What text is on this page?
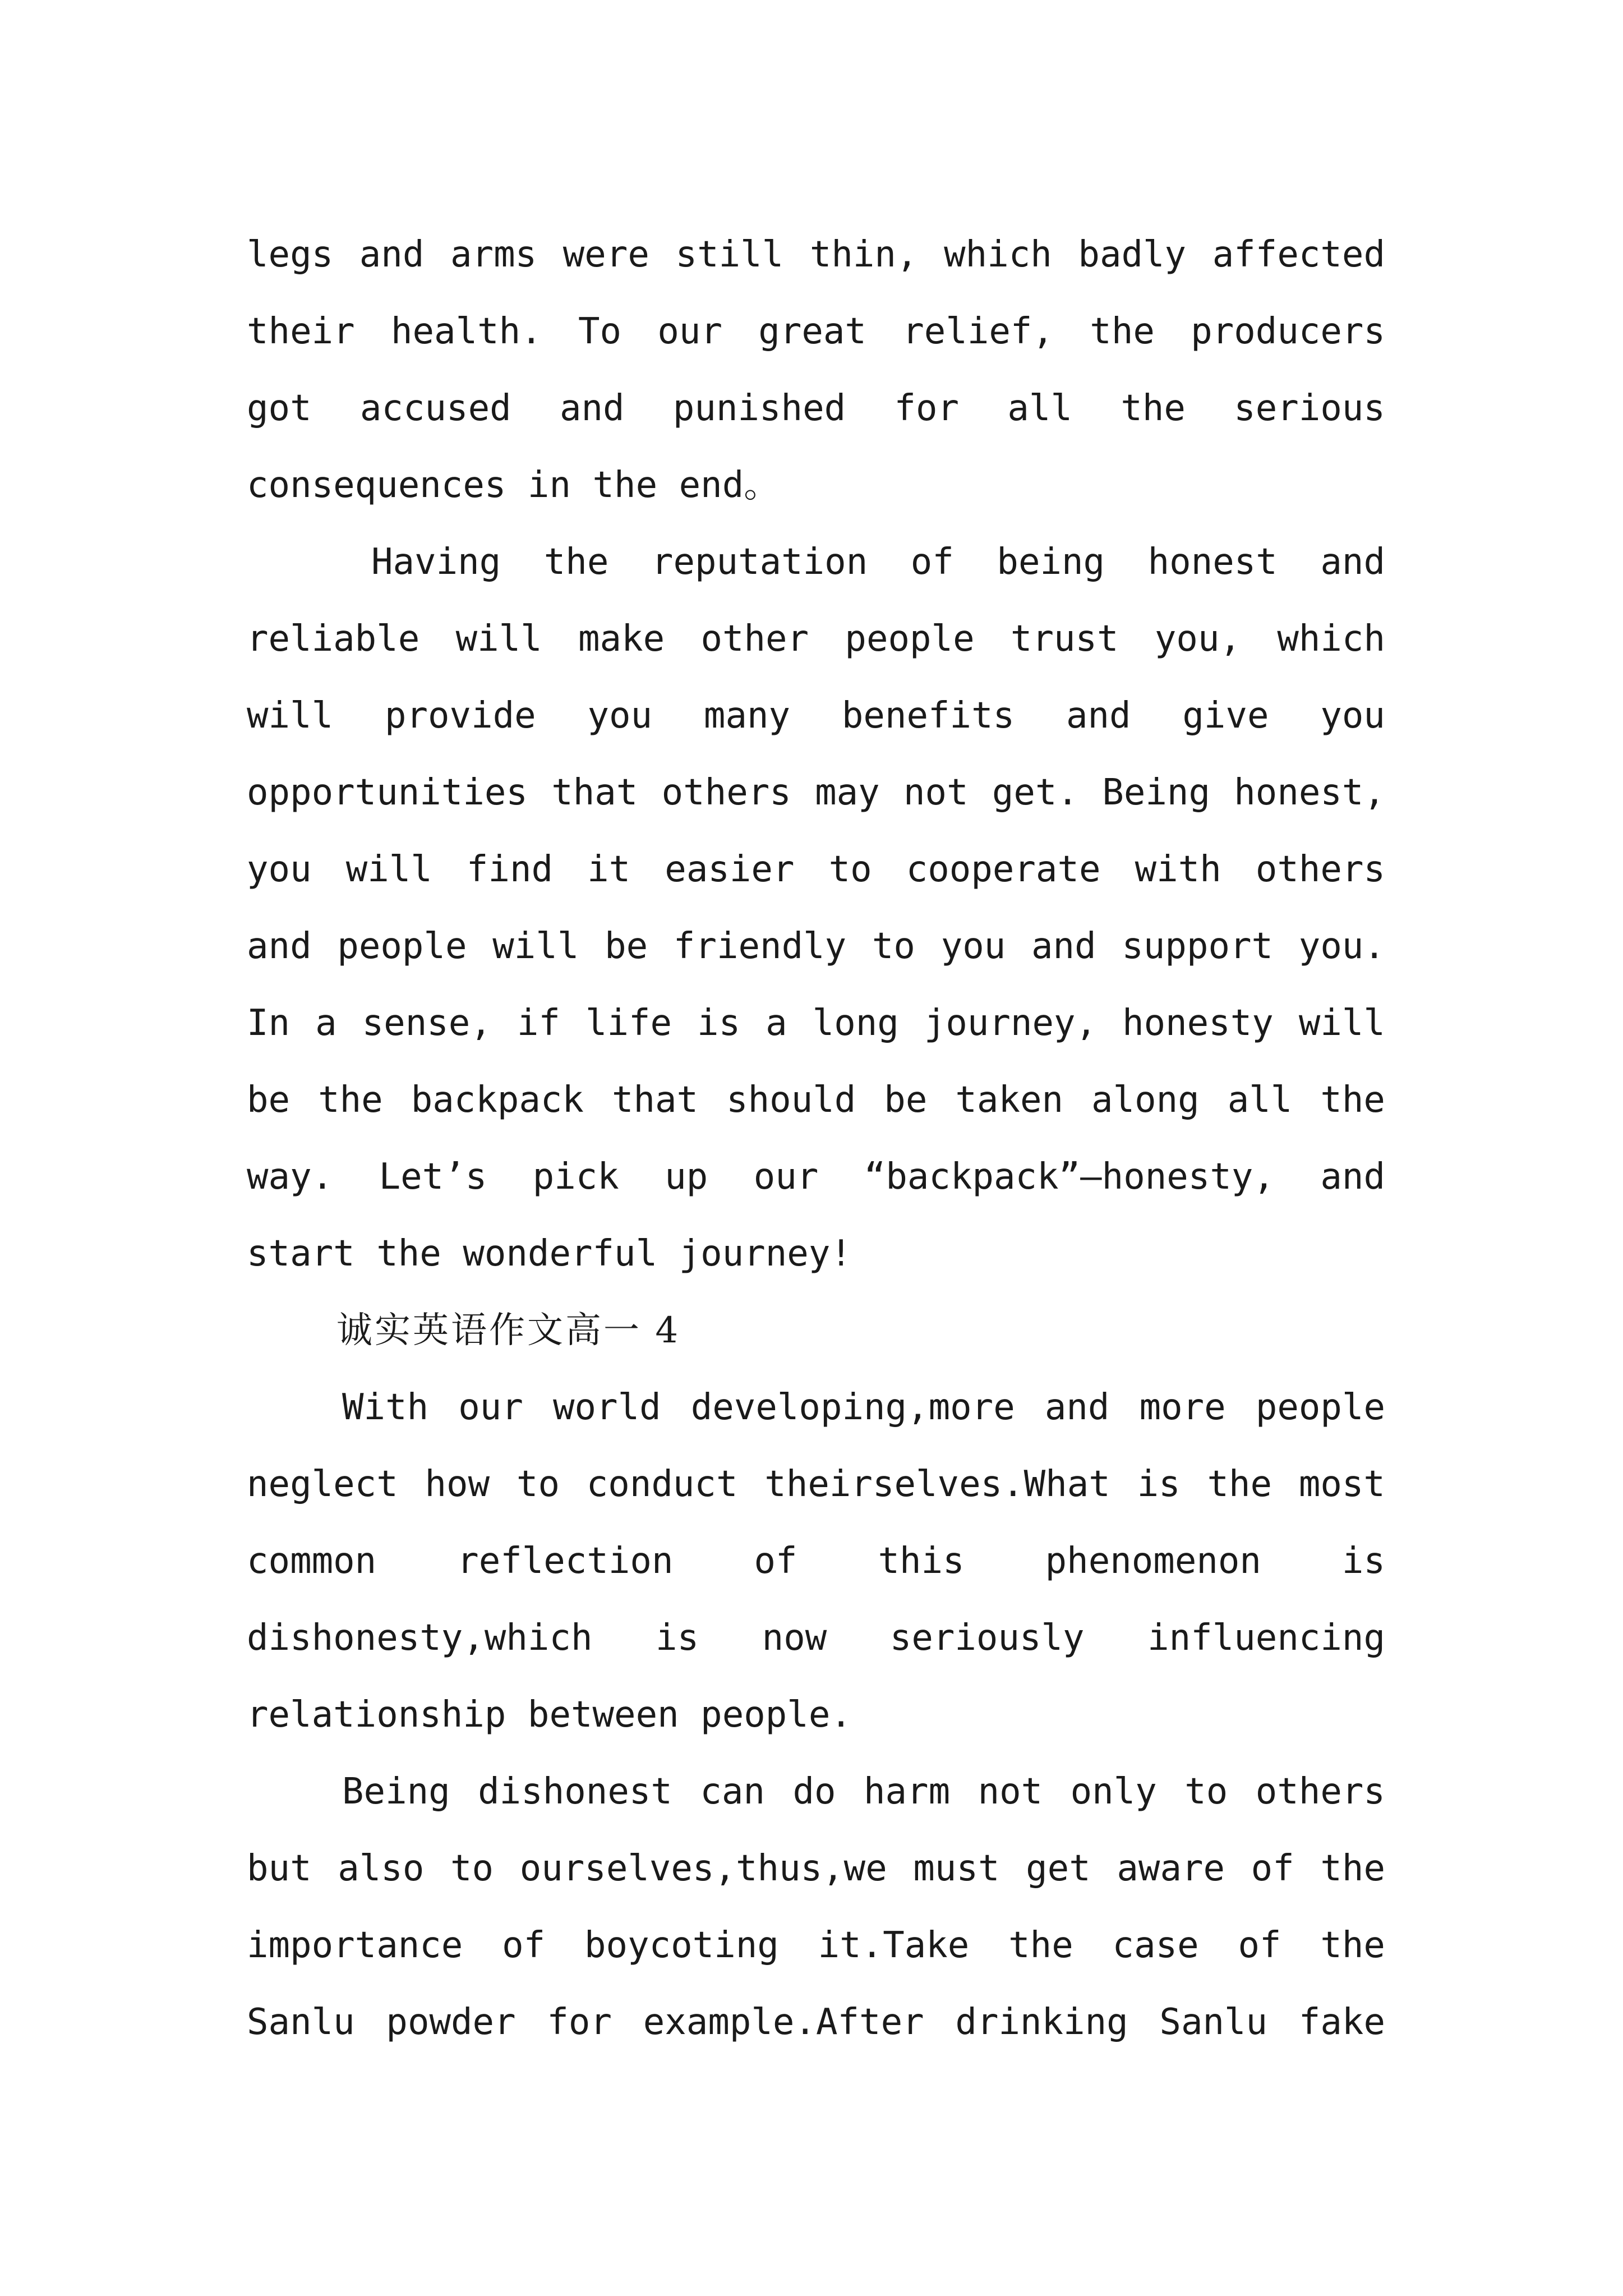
legs and arms were still thin, which badly affected
their health. To our great relief, the producers
got accused and punished for all the serious
consequences in the end。
Having the reputation of being honest and
reliable will make other people trust you, which
will provide you many benefits and give you
opportunities that others may not get. Being honest,
you will find it easier to cooperate with others
and people will be friendly to you and support you.
In a sense, if life is a long journey, honesty will
be the backpack that should be taken along all the
way. Let’s pick up our “backpack”—honesty, and
start the wonderful journey!
诚实英语作文高一 4
With our world developing,more and more people
neglect how to conduct theirselves.What is the most
common reflection of this phenomenon is
dishonesty,which is now seriously influencing
relationship between people.
Being dishonest can do harm not only to others
but also to ourselves,thus,we must get aware of the
importance of boycoting it.Take the case of the
Sanlu powder for example.After drinking Sanlu fake
